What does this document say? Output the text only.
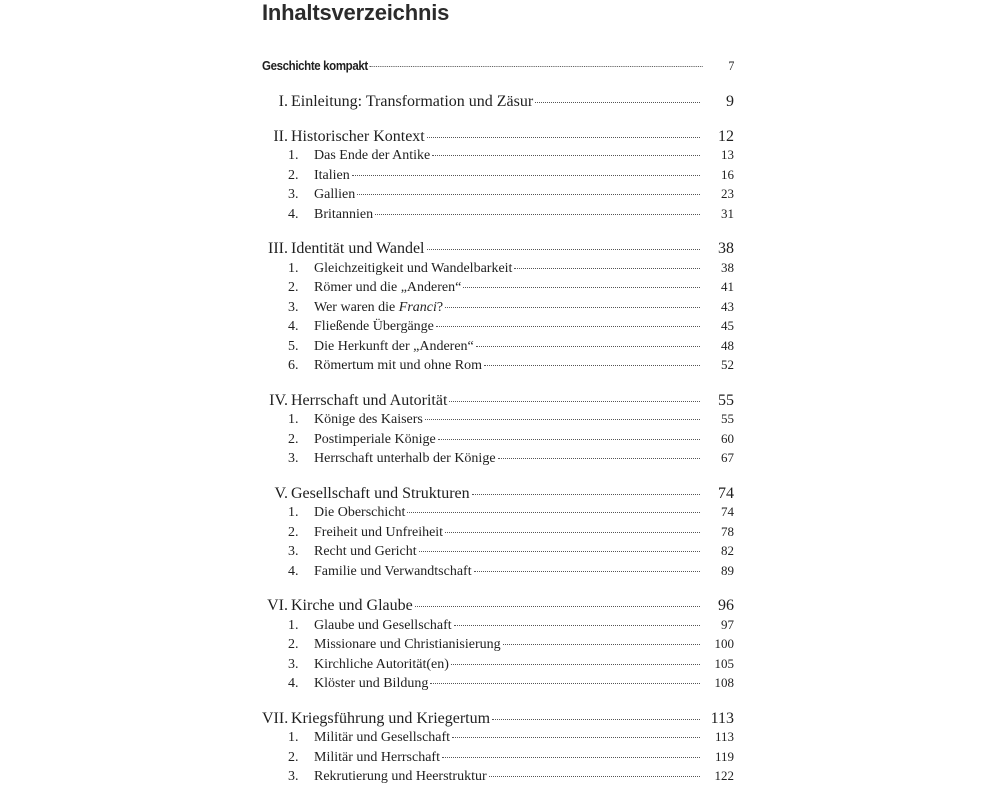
Inhaltsverzeichnis
Geschichte kompakt	7
I. Einleitung: Transformation und Zäsur	9
II. Historischer Kontext	12
1.	Das Ende der Antike	13
2.	Italien	16
3.	Gallien	23
4.	Britannien	31
III. Identität und Wandel	38
1.	Gleichzeitigkeit und Wandelbarkeit	38
2.	Römer und die „Anderen“	41
3.	Wer waren die Franci?	43
4.	Fließende Übergänge	45
5.	Die Herkunft der „Anderen“	48
6.	Römertum mit und ohne Rom	52
IV. Herrschaft und Autorität	55
1.	Könige des Kaisers	55
2.	Postimperiale Könige	60
3.	Herrschaft unterhalb der Könige	67
V. Gesellschaft und Strukturen	74
1.	Die Oberschicht	74
2.	Freiheit und Unfreiheit	78
3.	Recht und Gericht	82
4.	Familie und Verwandtschaft	89
VI. Kirche und Glaube	96
1.	Glaube und Gesellschaft	97
2.	Missionare und Christianisierung	100
3.	Kirchliche Autorität(en)	105
4.	Klöster und Bildung	108
VII. Kriegsführung und Kriegertum	113
1.	Militär und Gesellschaft	113
2.	Militär und Herrschaft	119
3.	Rekrutierung und Heerstruktur	122
